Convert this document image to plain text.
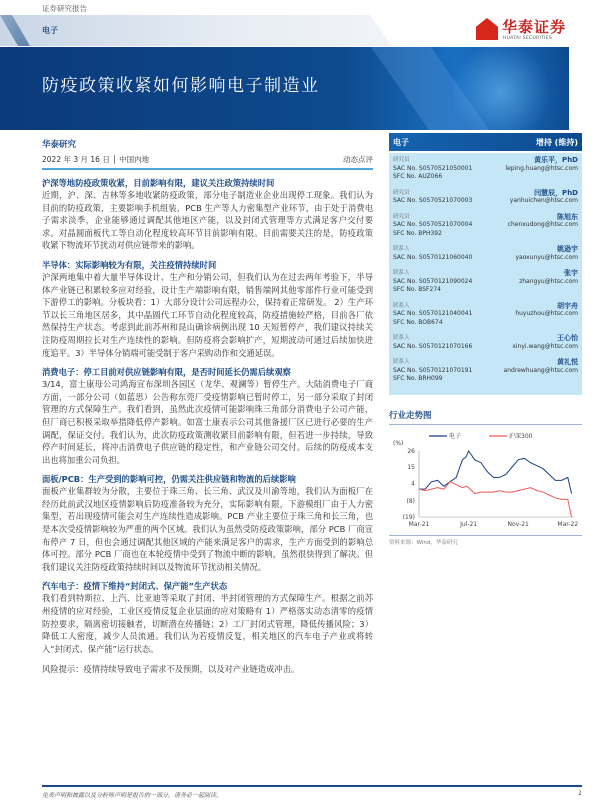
证券研究报告
电子	华泰证券
HUATAI SECURITIES
防疫政策收紧如何影响电子制造业
华泰研究
2022 年 3 月 16 日 │ 中国内地	动态点评
沪深等地防疫政策收紧，目前影响有限，建议关注政策持续时间

近期，沪、深、吉林等多地收紧防疫政策，部分电子制造业企业出现停工现象。我们认为目前的防疫政策，主要影响手机组装，PCB 生产等人力密集型产业环节，由于处于消费电子需求淡季，企业能够通过调配其他地区产能，以及封闭式管理等方式满足客户交付要求。对晶圆面板代工等自动化程度较高环节目前影响有限。目前需要关注的是，防疫政策收紧下物流环节扰动对供应链带来的影响。

半导体：实际影响较为有限，关注疫情持续时间

沪深两地集中着大量半导体设计、生产和分销公司，但我们认为在过去两年考验下，半导体产业链已积累较多应对经验，设计生产端影响有限，销售端网其他零部件行业可能受到下游停工的影响。分板块看：1）大部分设计公司远程办公，保持着正常研发。 2）生产环节以长三角地区居多，其中晶圆代工环节自动化程度较高，防疫措施较严格，目前各厂依然保持生产状态。考虑到此前苏州和昆山确诊病例出现 10 天短暂停产，我们建议持续关注防疫周期拉长对生产连续性的影响。但防疫将会影响扩产，短期波动可通过后续加快进度追平。3）半导体分销端可能受制于客户采购动作和交通延误。

消费电子：停工目前对供应链影响有限，是否时间延长仍需后续观察

3/14，富士康母公司鸿海宣布深圳各园区（龙华、观澜等）暂停生产。大陆消费电子厂商方面，一部分公司（如蓝思）公告称东莞厂受疫情影响已暂时停工，另一部分采取了封闭管理的方式保障生产。我们看到，虽然此次疫情可能影响珠三角部分消费电子公司产能，但厂商已积极采取举措降低停产影响。如富士康表示公司其他备援厂区已进行必要的生产调配，保证交付。我们认为，此次防疫政策测收紧目前影响有限，但若进一步持续，导致停产时间延长，将冲击消费电子供应链的稳定性，和产业链公司交付。后续的防疫成本支出也将加重公司负担。

面板/PCB：生产受到的影响可控，仍需关注供应链和物流的后续影响

面板产业集群较为分散，主要位于珠三角、长三角、武汉及川渝等地，我们认为面板厂在经历此前武汉地区疫情影响后防疫准备较为充分，实际影响有限，下游模组厂由于人力密集型，若出现疫情可能会对生产连续性造成影响。PCB 产业主要位于珠三角和长三角，也是本次受疫情影响较为严重的两个区域。我们认为虽然受防疫政策影响，部分 PCB 厂商宣布停产 7 日，但也会通过调配其他区域的产能来满足客户的需求，生产方面受到的影响总体可控。部分 PCB 厂商也在本轮疫情中受到了物流中断的影响，虽然很快得到了解决。但我们建议关注防疫政策持续时间以及物流环节扰动相关情况。

汽车电子：疫情下维持“封闭式、保产能”生产状态

我们看到特斯拉、上汽、比亚迪等采取了封闭、半封闭管理的方式保障生产。根据之前苏州疫情的应对经验，工业区疫情反复企业层面的应对策略有 1）严格落实动态清零的疫情防控要求，隔离密切接触者，切断潜在传播链；2）工厂封闭式管理，降低传播风险；3）降低工人密度，减少人员流通。我们认为若疫情反复，相关地区的汽车电子产业或将转入“封闭式、保产能”运行状态。

风险提示：疫情持续导致电子需求不及预期，以及对产业链造成冲击。
电子	增持 (维持)
研究员	黄乐平，PhD
SAC No. S0570521050001	leping.huang@htsc.com
SFC No. AUZ066
研究员	闫慧辰，PhD
SAC No. S0570521070003	yanhuichen@htsc.com
研究员	陈旭东
SAC No. S0570521070004	chenxudong@htsc.com
SFC No. BPH392
联系人	姚逊宇
SAC No. S0570121060040	yaoxunyu@htsc.com
联系人	张宇
SAC No. S0570121090024	zhangyu@htsc.com
SFC No. BSF274
联系人	胡宇舟
SAC No. S0570121040041	huyuzhou@htsc.com
SFC No. BOB674
联系人	王心怡
SAC No. S0570121070166	xinyi.wang@htsc.com
联系人	黄礼悦
SAC No. S0570121070191	andrewhuang@htsc.com
SFC No. BRH099
行业走势图
(%)
26
15
4
(8)
(19)
Mar-21	Jul-21	Nov-21	Mar-22
电子	沪深300
资料来源：Wind，华泰研究
免责声明和披露以及分析师声明是报告的一部分，请务必一起阅读。	1
